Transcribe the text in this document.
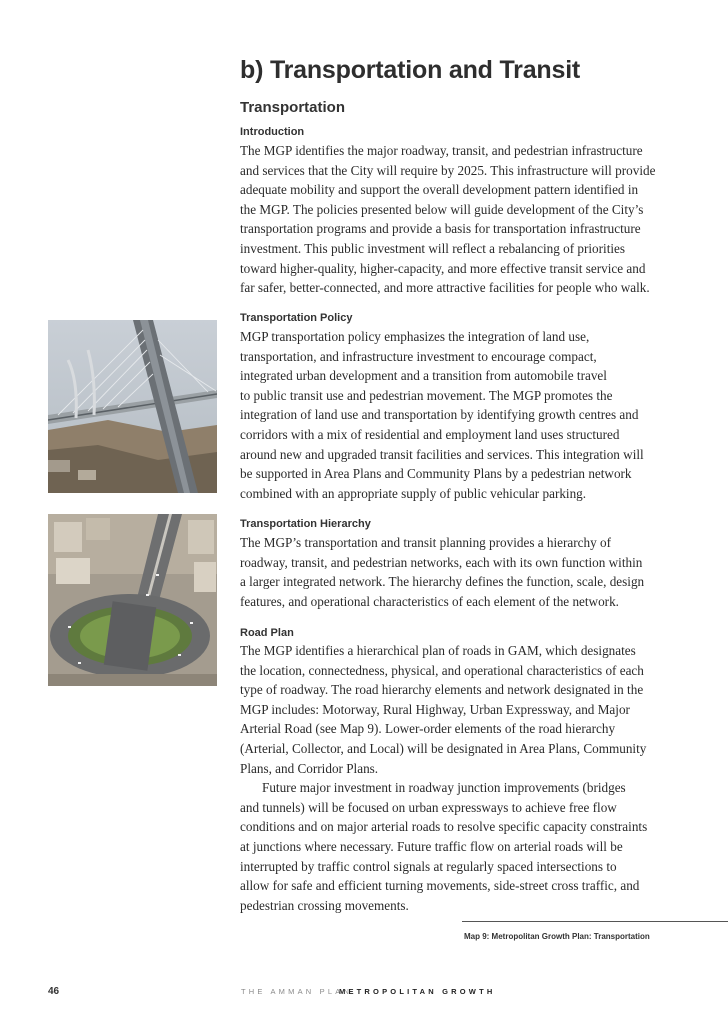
b) Transportation and Transit
Transportation
Introduction
The MGP identifies the major roadway, transit, and pedestrian infrastructure
and services that the City will require by 2025. This infrastructure will provide
adequate mobility and support the overall development pattern identified in
the MGP. The policies presented below will guide development of the City’s
transportation programs and provide a basis for transportation infrastructure
investment. This public investment will reflect a rebalancing of priorities
toward higher-quality, higher-capacity, and more effective transit service and
far safer, better-connected, and more attractive facilities for people who walk.
Transportation Policy
MGP transportation policy emphasizes the integration of land use,
transportation, and infrastructure investment to encourage compact,
integrated urban development and a transition from automobile travel
to public transit use and pedestrian movement. The MGP promotes the
integration of land use and transportation by identifying growth centres and
corridors with a mix of residential and employment land uses structured
around new and upgraded transit facilities and services. This integration will
be supported in Area Plans and Community Plans by a pedestrian network
combined with an appropriate supply of public vehicular parking.
Transportation Hierarchy
The MGP’s transportation and transit planning provides a hierarchy of
roadway, transit, and pedestrian networks, each with its own function within
a larger integrated network. The hierarchy defines the function, scale, design
features, and operational characteristics of each element of the network.
Road Plan
The MGP identifies a hierarchical plan of roads in GAM, which designates
the location, connectedness, physical, and operational characteristics of each
type of roadway. The road hierarchy elements and network designated in the
MGP includes: Motorway, Rural Highway, Urban Expressway, and Major
Arterial Road (see Map 9). Lower-order elements of the road hierarchy
(Arterial, Collector, and Local) will be designated in Area Plans, Community
Plans, and Corridor Plans.
Future major investment in roadway junction improvements (bridges
and tunnels) will be focused on urban expressways to achieve free flow
conditions and on major arterial roads to resolve specific capacity constraints
at junctions where necessary. Future traffic flow on arterial roads will be
interrupted by traffic control signals at regularly spaced intersections to
allow for safe and efficient turning movements, side-street cross traffic, and
pedestrian crossing movements.
Map 9: Metropolitan Growth Plan: Transportation
46	THE AMMAN PLAN
METROPOLITAN GROWTH
